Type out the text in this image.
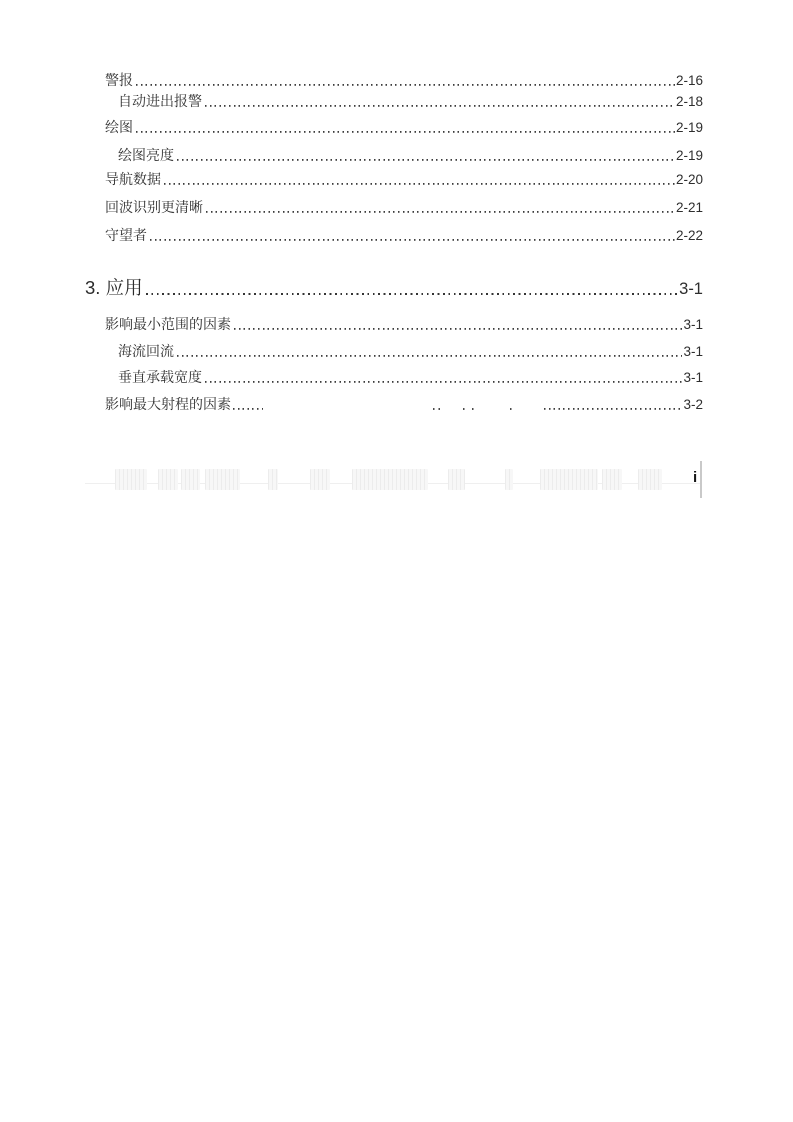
警报	2-16
自动进出报警	2-18
绘图	2-19
绘图亮度	2-19
导航数据	2-20
回波识别更清晰	2-21
守望者	2-22
3. 应用	3-1
影响最小范围的因素	3-1
海流回流	3-1
垂直承载宽度	3-1
影响最大射程的因素	3-2
i
